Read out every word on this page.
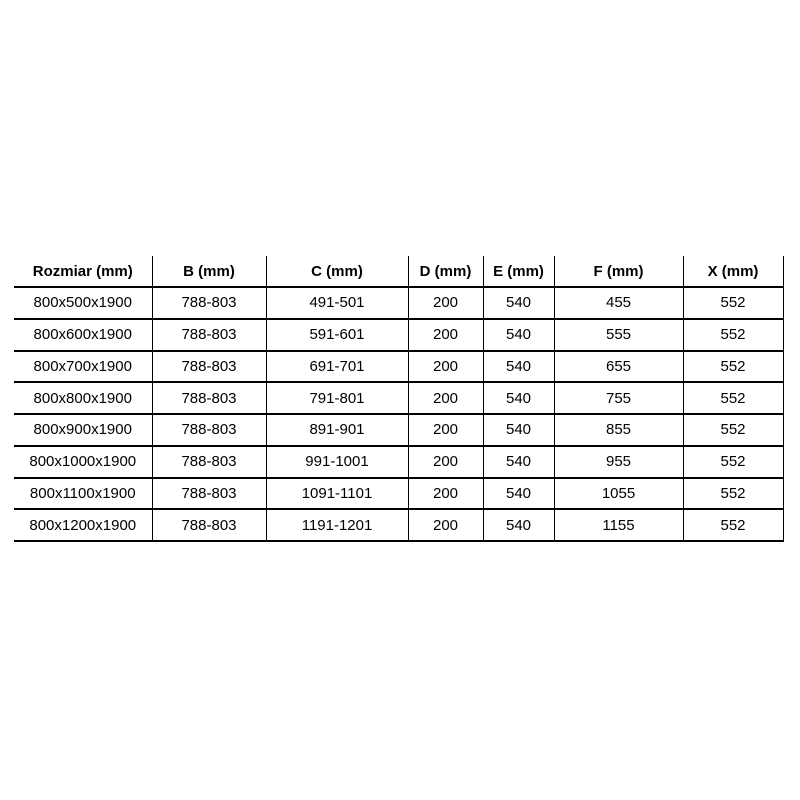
Rozmiar (mm)	B (mm)	C (mm)	D (mm)	E (mm)	F (mm)	X (mm)
800x500x1900	788-803	491-501	200	540	455	552
800x600x1900	788-803	591-601	200	540	555	552
800x700x1900	788-803	691-701	200	540	655	552
800x800x1900	788-803	791-801	200	540	755	552
800x900x1900	788-803	891-901	200	540	855	552
800x1000x1900	788-803	991-1001	200	540	955	552
800x1100x1900	788-803	1091-1101	200	540	1055	552
800x1200x1900	788-803	1191-1201	200	540	1155	552
